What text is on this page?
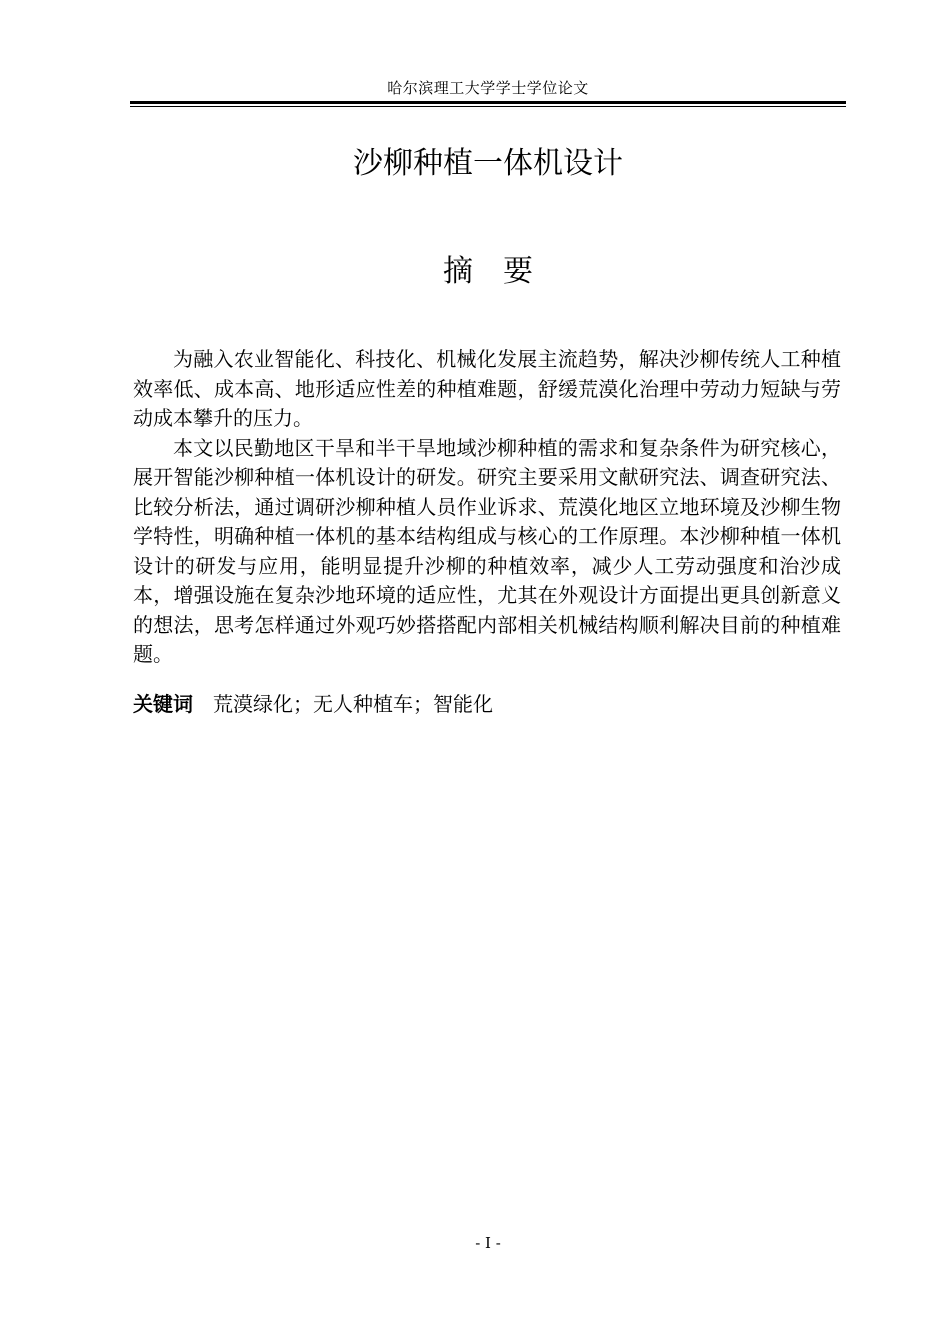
哈尔滨理工大学学士学位论文
沙柳种植一体机设计
摘　要

为融入农业智能化、科技化、机械化发展主流趋势，解决沙柳传统人工种植效率低、成本高、地形适应性差的种植难题，舒缓荒漠化治理中劳动力短缺与劳动成本攀升的压力。

本文以民勤地区干旱和半干旱地域沙柳种植的需求和复杂条件为研究核心，展开智能沙柳种植一体机设计的研发。研究主要采用文献研究法、调查研究法、比较分析法，通过调研沙柳种植人员作业诉求、荒漠化地区立地环境及沙柳生物学特性，明确种植一体机的基本结构组成与核心的工作原理。本沙柳种植一体机设计的研发与应用，能明显提升沙柳的种植效率，减少人工劳动强度和治沙成本，增强设施在复杂沙地环境的适应性，尤其在外观设计方面提出更具创新意义的想法，思考怎样通过外观巧妙搭搭配内部相关机械结构顺利解决目前的种植难题。

关键词 荒漠绿化；无人种植车；智能化
- I -
